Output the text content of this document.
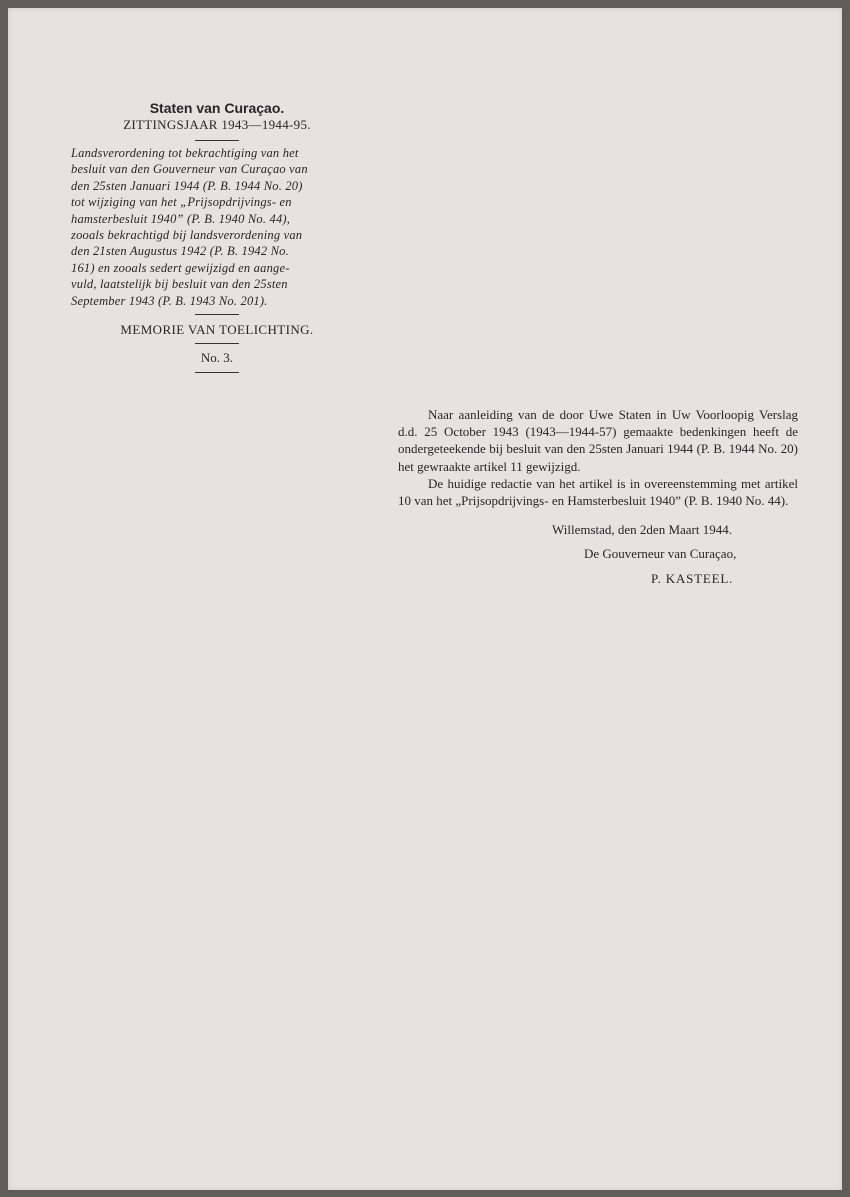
Staten van Curaçao.
ZITTINGSJAAR 1943—1944-95.
Landsverordening tot bekrachtiging van het
besluit van den Gouverneur van Curaçao van
den 25sten Januari 1944 (P. B. 1944 No. 20)
tot wijziging van het „Prijsopdrijvings- en
hamsterbesluit 1940” (P. B. 1940 No. 44),
zooals bekrachtigd bij landsverordening van
den 21sten Augustus 1942 (P. B. 1942 No.
161) en zooals sedert gewijzigd en aange-
vuld, laatstelijk bij besluit van den 25sten
September 1943 (P. B. 1943 No. 201).
MEMORIE VAN TOELICHTING.
No. 3.

Naar aanleiding van de door Uwe Staten in Uw Voorloopig Verslag d.d. 25 October 1943 (1943—1944-57) gemaakte bedenkingen heeft de ondergeteekende bij besluit van den 25sten Januari 1944 (P. B. 1944 No. 20) het gewraakte artikel 11 gewijzigd.

De huidige redactie van het artikel is in overeenstemming met artikel 10 van het „Prijsopdrijvings- en Hamsterbesluit 1940” (P. B. 1940 No. 44).

Willemstad, den 2den Maart 1944.
De Gouverneur van Curaçao,
P. KASTEEL.
